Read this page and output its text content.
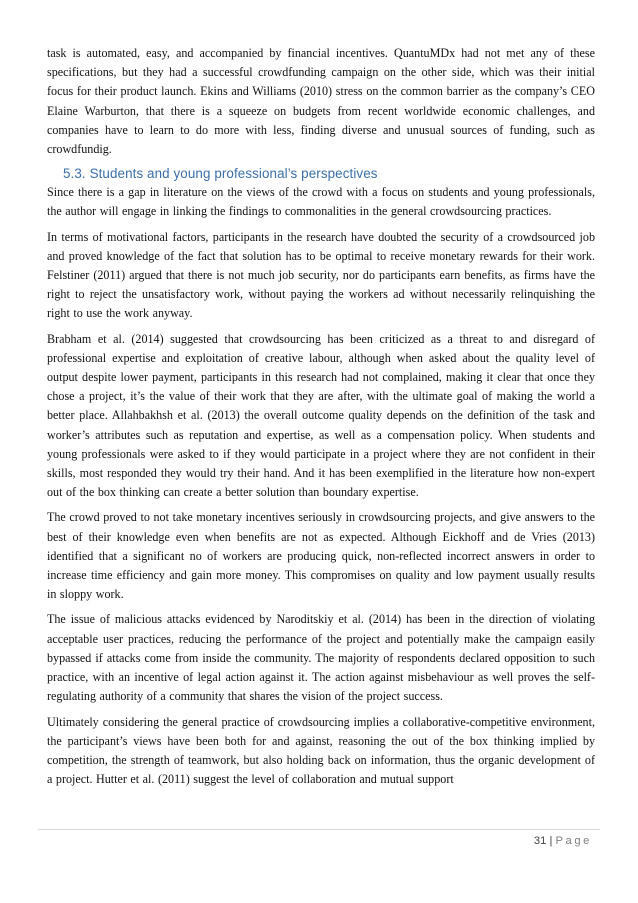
task is automated, easy, and accompanied by financial incentives. QuantuMDx had not met any of these specifications, but they had a successful crowdfunding campaign on the other side, which was their initial focus for their product launch. Ekins and Williams (2010) stress on the common barrier as the company’s CEO Elaine Warburton, that there is a squeeze on budgets from recent worldwide economic challenges, and companies have to learn to do more with less, finding diverse and unusual sources of funding, such as crowdfundig.

5.3. Students and young professional’s perspectives

Since there is a gap in literature on the views of the crowd with a focus on students and young professionals, the author will engage in linking the findings to commonalities in the general crowdsourcing practices.

In terms of motivational factors, participants in the research have doubted the security of a crowdsourced job and proved knowledge of the fact that solution has to be optimal to receive monetary rewards for their work. Felstiner (2011) argued that there is not much job security, nor do participants earn benefits, as firms have the right to reject the unsatisfactory work, without paying the workers ad without necessarily relinquishing the right to use the work anyway.

Brabham et al. (2014) suggested that crowdsourcing has been criticized as a threat to and disregard of professional expertise and exploitation of creative labour, although when asked about the quality level of output despite lower payment, participants in this research had not complained, making it clear that once they chose a project, it’s the value of their work that they are after, with the ultimate goal of making the world a better place. Allahbakhsh et al. (2013) the overall outcome quality depends on the definition of the task and worker’s attributes such as reputation and expertise, as well as a compensation policy. When students and young professionals were asked to if they would participate in a project where they are not confident in their skills, most responded they would try their hand. And it has been exemplified in the literature how non-expert out of the box thinking can create a better solution than boundary expertise.

The crowd proved to not take monetary incentives seriously in crowdsourcing projects, and give answers to the best of their knowledge even when benefits are not as expected. Although Eickhoff and de Vries (2013) identified that a significant no of workers are producing quick, non-reflected incorrect answers in order to increase time efficiency and gain more money. This compromises on quality and low payment usually results in sloppy work.

The issue of malicious attacks evidenced by Naroditskiy et al. (2014) has been in the direction of violating acceptable user practices, reducing the performance of the project and potentially make the campaign easily bypassed if attacks come from inside the community. The majority of respondents declared opposition to such practice, with an incentive of legal action against it. The action against misbehaviour as well proves the self-regulating authority of a community that shares the vision of the project success.

Ultimately considering the general practice of crowdsourcing implies a collaborative-competitive environment, the participant’s views have been both for and against, reasoning the out of the box thinking implied by competition, the strength of teamwork, but also holding back on information, thus the organic development of a project. Hutter et al. (2011) suggest the level of collaboration and mutual support

31 | Page
